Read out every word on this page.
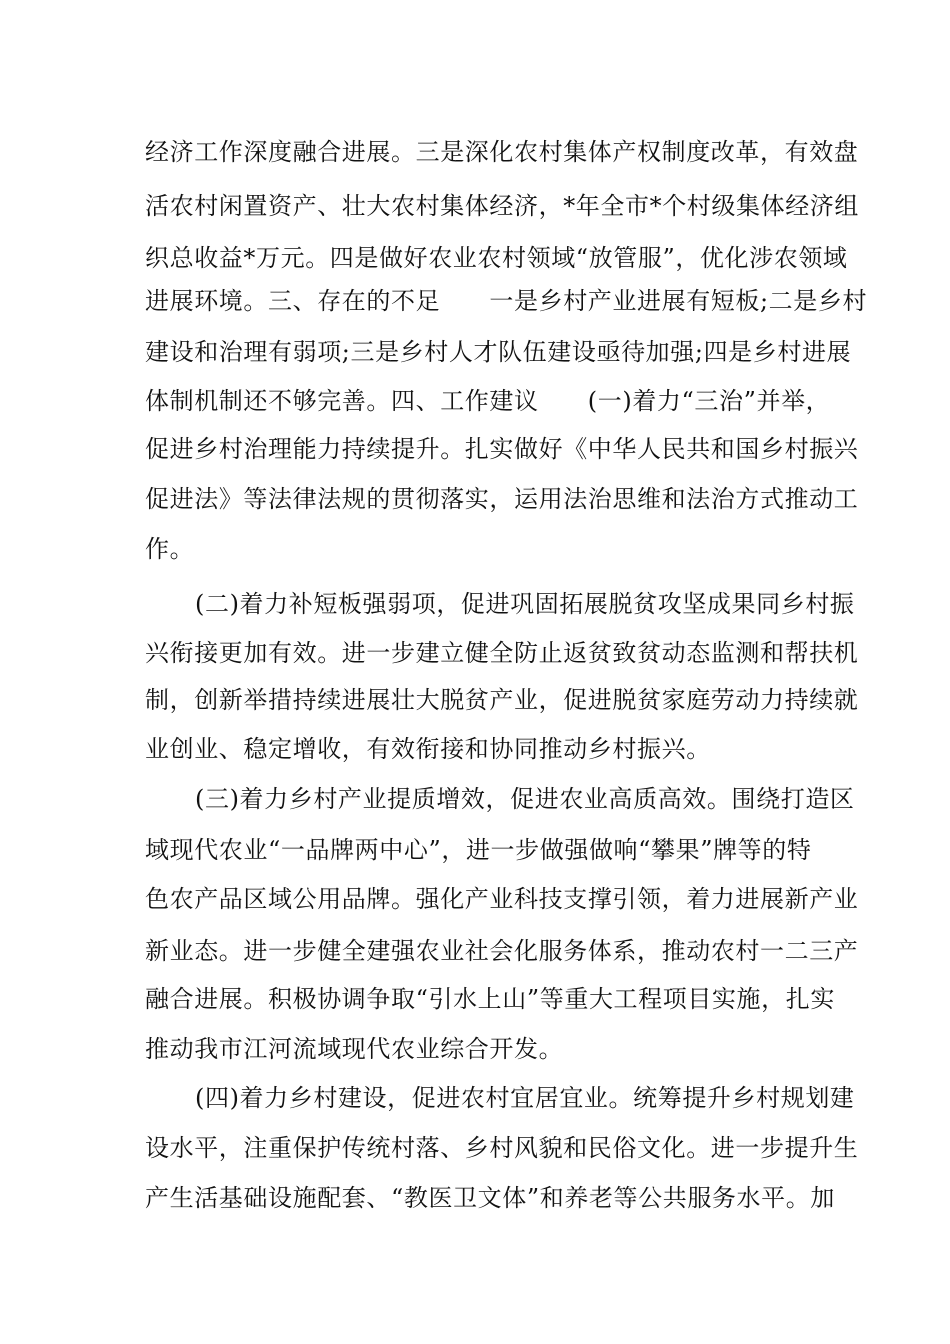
经济工作深度融合进展。三是深化农村集体产权制度改革，有效盘
活农村闲置资产、壮大农村集体经济，*年全市*个村级集体经济组
织总收益*万元。四是做好农业农村领域“放管服”，优化涉农领域
进展环境。三、存在的不足　　一是乡村产业进展有短板;二是乡村
建设和治理有弱项;三是乡村人才队伍建设亟待加强;四是乡村进展
体制机制还不够完善。四、工作建议　　(一)着力“三治”并举，
促进乡村治理能力持续提升。扎实做好《中华人民共和国乡村振兴
促进法》等法律法规的贯彻落实，运用法治思维和法治方式推动工
作。
(二)着力补短板强弱项，促进巩固拓展脱贫攻坚成果同乡村振
兴衔接更加有效。进一步建立健全防止返贫致贫动态监测和帮扶机
制，创新举措持续进展壮大脱贫产业，促进脱贫家庭劳动力持续就
业创业、稳定增收，有效衔接和协同推动乡村振兴。
(三)着力乡村产业提质增效，促进农业高质高效。围绕打造区
域现代农业“一品牌两中心”，进一步做强做响“攀果”牌等的特
色农产品区域公用品牌。强化产业科技支撑引领，着力进展新产业
新业态。进一步健全建强农业社会化服务体系，推动农村一二三产
融合进展。积极协调争取“引水上山”等重大工程项目实施，扎实
推动我市江河流域现代农业综合开发。
(四)着力乡村建设，促进农村宜居宜业。统筹提升乡村规划建
设水平，注重保护传统村落、乡村风貌和民俗文化。进一步提升生
产生活基础设施配套、“教医卫文体”和养老等公共服务水平。加
